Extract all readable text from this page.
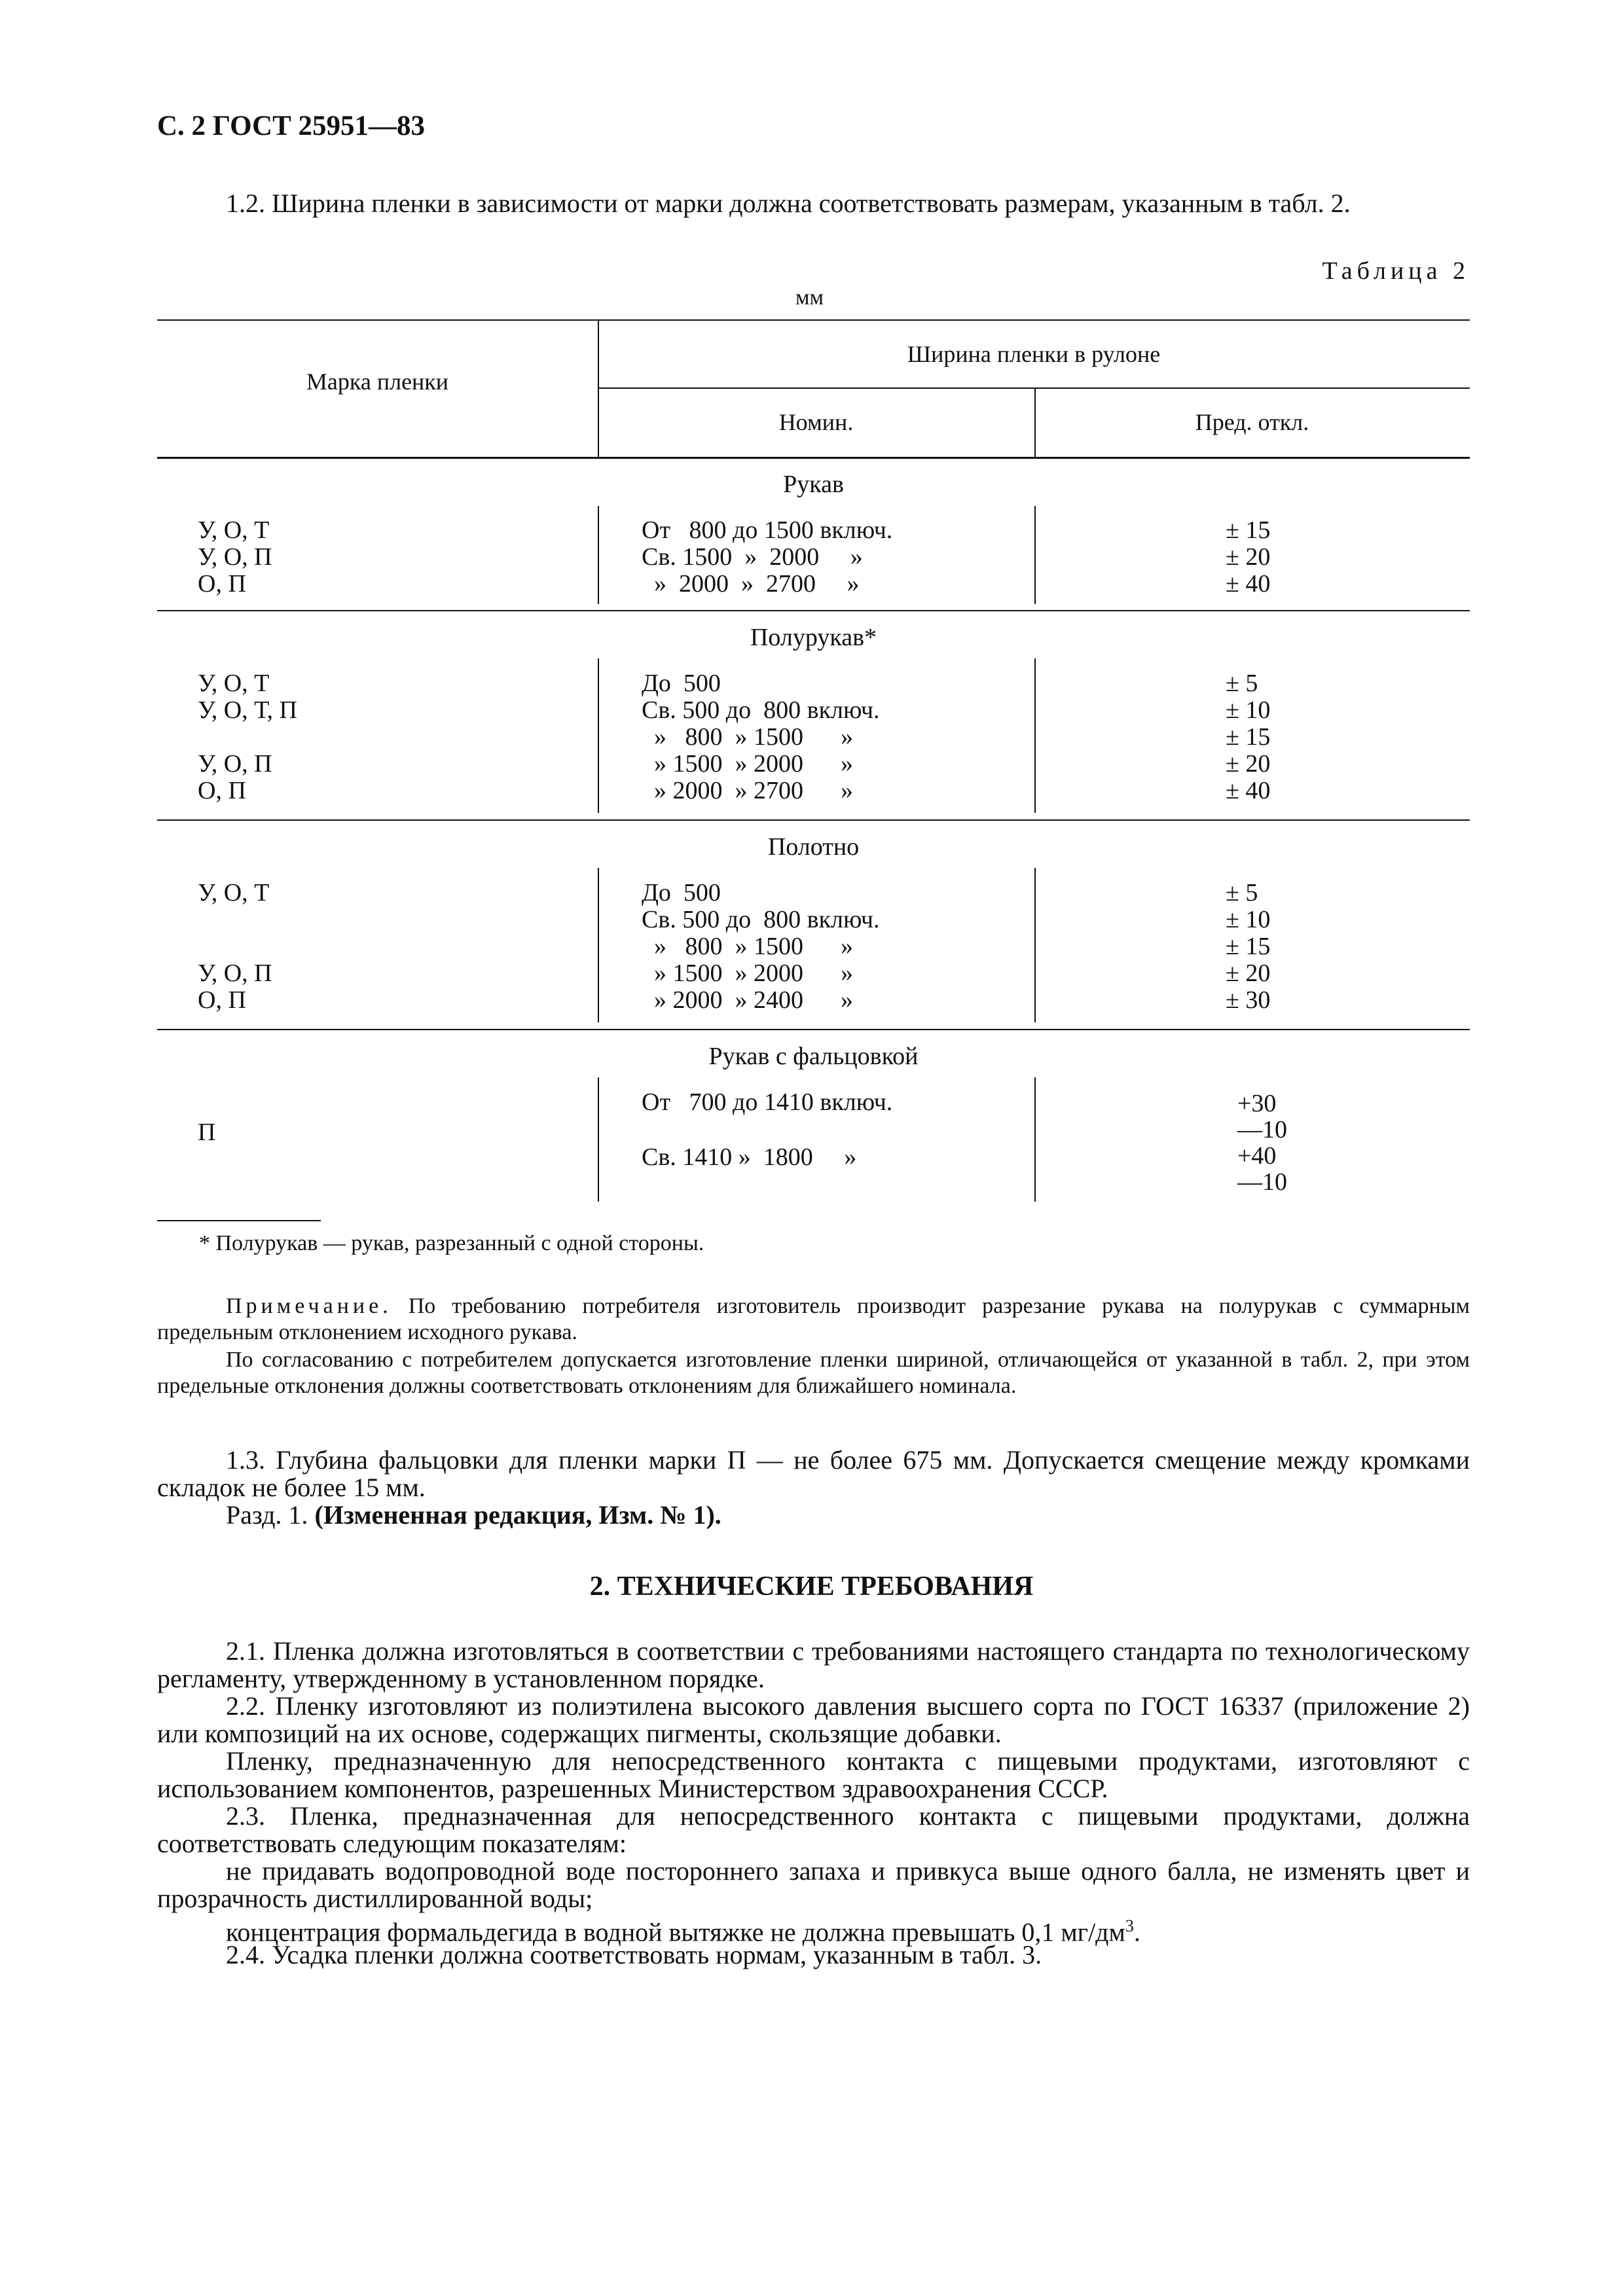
С. 2 ГОСТ 25951—83
1.2. Ширина пленки в зависимости от марки должна соответствовать размерам, указанным в табл. 2.
Таблица 2
мм
Марка пленки
Ширина пленки в рулоне
Номин.	Пред. откл.
Рукав
У, О, Т
У, О, П
О, П
От   800 до 1500 включ.
Св. 1500  »  2000     »
»  2000  »  2700     »
± 15
± 20
± 40
Полурукав*
У, О, Т
У, О, Т, П

У, О, П
О, П
До  500
Св. 500 до  800 включ.
»   800  » 1500      »
» 1500  » 2000      »
» 2000  » 2700      »
± 5
± 10
± 15
± 20
± 40
Полотно
У, О, Т

У, О, П
О, П
До  500
Св. 500 до  800 включ.
»   800  » 1500      »
» 1500  » 2000      »
» 2000  » 2400      »
± 5
± 10
± 15
± 20
± 30
Рукав с фальцовкой
П
От   700 до 1410 включ.
Св. 1410 »  1800     »
+30
—10
+40
—10
* Полурукав — рукав, разрезанный с одной стороны.
Примечание. По требованию потребителя изготовитель производит разрезание рукава на полурукав с суммарным предельным отклонением исходного рукава.
По согласованию с потребителем допускается изготовление пленки шириной, отличающейся от указанной в табл. 2, при этом предельные отклонения должны соответствовать отклонениям для ближайшего номинала.
1.3. Глубина фальцовки для пленки марки П — не более 675 мм. Допускается смещение между кромками складок не более 15 мм.
Разд. 1. (Измененная редакция, Изм. № 1).
2. ТЕХНИЧЕСКИЕ ТРЕБОВАНИЯ
2.1. Пленка должна изготовляться в соответствии с требованиями настоящего стандарта по технологическому регламенту, утвержденному в установленном порядке.
2.2. Пленку изготовляют из полиэтилена высокого давления высшего сорта по ГОСТ 16337 (приложение 2) или композиций на их основе, содержащих пигменты, скользящие добавки.
Пленку, предназначенную для непосредственного контакта с пищевыми продуктами, изготовляют с использованием компонентов, разрешенных Министерством здравоохранения СССР.
2.3. Пленка, предназначенная для непосредственного контакта с пищевыми продуктами, должна соответствовать следующим показателям:
не придавать водопроводной воде постороннего запаха и привкуса выше одного балла, не изменять цвет и прозрачность дистиллированной воды;
концентрация формальдегида в водной вытяжке не должна превышать 0,1 $мг/дм^3$.
2.4. Усадка пленки должна соответствовать нормам, указанным в табл. 3.
